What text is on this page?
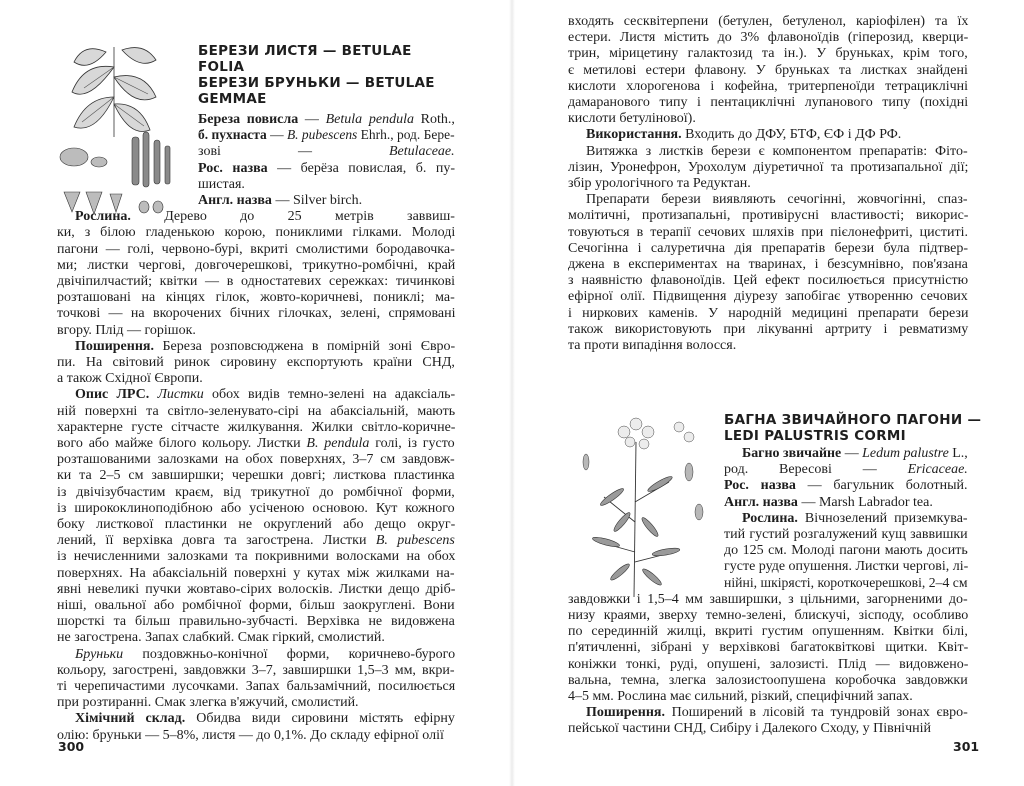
БЕРЕЗИ ЛИСТЯ — BETULAE
FOLIA
БЕРЕЗИ БРУНЬКИ — BETULAE
GEMMAE
Береза повисла — Betula pendula Roth.,
б. пухнаста — B. pubescens Ehrh., род. Бере-
зові — Betulaceae.
Рос. назва — берёза повислая, б. пу-
шистая.
Англ. назва — Silver birch.
Рослина. Дерево до 25 метрів заввиш-
ки, з білою гладенькою корою, пониклими гілками. Молоді
пагони — голі, червоно-бурі, вкриті смолистими бородавочка-
ми; листки чергові, довгочерешкові, трикутно-ромбічні, край
двічіпилчастий; квітки — в одностатевих сережках: тичинкові
розташовані на кінцях гілок, жовто-коричневі, пониклі; ма-
точкові — на вкорочених бічних гілочках, зелені, спрямовані
вгору. Плід — горішок.
Поширення. Береза розповсюджена в помірній зоні Євро-
пи. На світовий ринок сировину експортують країни СНД,
а також Східної Європи.
Опис ЛРС. Листки обох видів темно-зелені на адаксіаль-
ній поверхні та світло-зеленувато-сірі на абаксіальній, мають
характерне густе сітчасте жилкування. Жилки світло-коричне-
вого або майже білого кольору. Листки B. pendula голі, із густо
розташованими залозками на обох поверхнях, 3–7 см завдовж-
ки та 2–5 см завширшки; черешки довгі; листкова пластинка
із двічізубчастим краєм, від трикутної до ромбічної форми,
із ширококлиноподібною або усіченою основою. Кут кожного
боку листкової пластинки не округлений або дещо округ-
лений, її верхівка довга та загострена. Листки B. pubescens
із нечисленними залозками та покривними волосками на обох
поверхнях. На абаксіальній поверхні у кутах між жилками на-
явні невеликі пучки жовтаво-сірих волосків. Листки дещо дріб-
ніші, овальної або ромбічної форми, більш заокруглені. Вони
шорсткі та більш правильно-зубчасті. Верхівка не видовжена
не загострена. Запах слабкий. Смак гіркий, смолистий.
Бруньки поздовжньо-конічної форми, коричнево-бурого
кольору, загострені, завдовжки 3–7, завширшки 1,5–3 мм, вкри-
ті черепичастими лусочками. Запах бальзамічний, посилюється
при розтиранні. Смак злегка в'яжучий, смолистий.
Хімічний склад. Обидва види сировини містять ефірну
олію: бруньки — 5–8%, листя — до 0,1%. До складу ефірної олії
300
входять сесквітерпени (бетулен, бетуленол, каріофілен) та їх
естери. Листя містить до 3% флавоноїдів (гіперозид, кверци-
трин, мірицетину галактозид та ін.). У бруньках, крім того,
є метилові естери флавону. У бруньках та листках знайдені
кислоти хлорогенова і кофейна, тритерпеноїди тетрациклічні
дамаранового типу і пентациклічні лупанового типу (похідні
кислоти бетулінової).
Використання. Входить до ДФУ, БТФ, ЄФ і ДФ РФ.
Витяжка з листків берези є компонентом препаратів: Фіто-
лізин, Уронефрон, Урохолум діуретичної та протизапальної дії;
збір урологічного та Редуктан.
Препарати берези виявляють сечогінні, жовчогінні, спаз-
молітичні, протизапальні, противірусні властивості; викорис-
товуються в терапії сечових шляхів при пієлонефриті, циститі.
Сечогінна і салуретична дія препаратів берези була підтвер-
джена в експериментах на тваринах, і безсумнівно, пов'язана
з наявністю флавоноїдів. Цей ефект посилюється присутністю
ефірної олії. Підвищення діурезу запобігає утворенню сечових
і ниркових каменів. У народній медицині препарати берези
також використовують при лікуванні артриту і ревматизму
та проти випадіння волосся.
БАГНА ЗВИЧАЙНОГО ПАГОНИ —
LEDI PALUSTRIS CORMI
Багно звичайне — Ledum palustre L.,
род. Вересові — Ericaceae.
Рос. назва — багульник болотный.
Англ. назва — Marsh Labrador tea.
Рослина. Вічнозелений приземкува-
тий густий розгалужений кущ заввишки
до 125 см. Молоді пагони мають досить
густе руде опушення. Листки чергові, лі-
нійні, шкірясті, короткочерешкові, 2–4 см
завдовжки і 1,5–4 мм завширшки, з цільними, загорненими до-
низу краями, зверху темно-зелені, блискучі, зісподу, особливо
по серединній жилці, вкриті густим опушенням. Квітки білі,
п'ятичленні, зібрані у верхівкові багатоквіткові щитки. Квіт-
коніжки тонкі, руді, опушені, залозисті. Плід — видовжено-
вальна, темна, злегка залозистоопушена коробочка завдовжки
4–5 мм. Рослина має сильний, різкий, специфічний запах.
Поширення. Поширений в лісовій та тундровій зонах євро-
пейської частини СНД, Сибіру і Далекого Сходу, у Північній
301
